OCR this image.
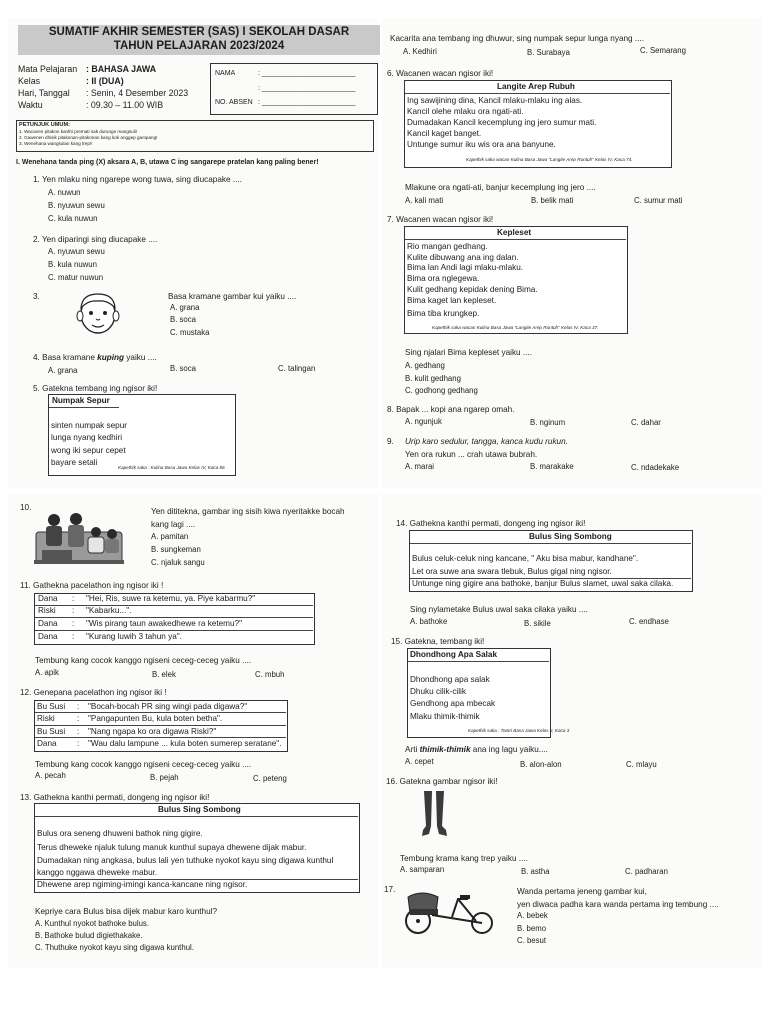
SUMATIF AKHIR SEMESTER (SAS) I SEKOLAH DASAR
TAHUN PELAJARAN 2023/2024
Mata Pelajaran : BAHASA JAWA
Kelas	: II (DUA)
Hari, Tanggal : Senin, 4 Desember 2023
Waktu	: 09.30 – 11.00 WIB
NAMA	: ________________________
: ________________________
NO. ABSEN : ________________________
PETUNJUK UMUM:
1. Wacanen pitakon kanthi premati sak durunge mangsuli!
2. Gawenen dhisik pitakonan-pitakonan kang kok anggep gampang!
3. Wenehana wangsulan kang trep!!
I. Wenehana tanda ping (X) aksara A, B, utawa C ing sangarepe pratelan kang paling bener!
1. Yen mlaku ning ngarepe wong tuwa, sing diucapake ....
A. nuwun
B. nyuwun sewu
C. kula nuwun
2. Yen diparingi sing diucapake ....
A. nyuwun sewu
B. kula nuwun
C. matur nuwun
3.	Basa kramane gambar kui yaiku ....
A. grana
B. soca
C. mustaka
4. Basa kramane kuping yaiku ....
A. grana	B. soca	C. talingan
5. Gatekna tembang ing ngisor iki!
Numpak Sepur
sinten numpak sepur
lunga nyang kedhiri
wong iki sepur cepet
bayare setali
Kapethik saka : Kulina Basa Jawa Kelas IV, Kaca 86
Kacarita ana tembang ing dhuwur, sing numpak sepur lunga nyang ....
A. Kedhiri	B. Surabaya	C. Semarang
6. Wacanen wacan ngisor iki!
Langite Arep Rubuh
Ing sawijining dina, Kancil mlaku-mlaku ing alas.
Kancil olehe mlaku ora ngati-ati.
Dumadakan Kancil kecemplung ing jero sumur mati.
Kancil kaget banget.
Untunge sumur iku wis ora ana banyune.
Kapethik saka wacan Kulina Basa Jawa "Langite Arep Runtuh" Kelas IV, Kaca 74.
Mlakune ora ngati-ati, banjur kecemplung ing jero ....
A. kali mati	B. belik mati	C. sumur mati
7. Wacanen wacan ngisor iki!
Kepleset
Rio mangan gedhang.
Kulite dibuwang ana ing dalan.
Bima lan Andi lagi mlaku-mlaku.
Bima ora nglegewa.
Kulit gedhang kepidak dening Bima.
Bima kaget lan kepleset.
Bima tiba krungkep.
Kapethik saka wacan Kulina Basa Jawa "Langite Arep Runtuh" Kelas IV, Kaca 37.
Sing njalari Bima kepleset yaiku ....
A. gedhang
B. kulit gedhang
C. godhong gedhang
8. Bapak ... kopi ana ngarep omah.
A. ngunjuk	B. nginum	C. dahar
9. Urip karo sedulur, tangga, kanca kudu rukun.
Yen ora rukun ... crah utawa bubrah.
A. marai	B. marakake	C. ndadekake
10.	Yen dititekna, gambar ing sisih kiwa nyeritakke bocah
kang lagi ....
A. pamitan
B. sungkeman
C. njaluk sangu
11. Gathekna pacelathon ing ngisor iki !
Dana : "Hei, Ris, suwe ra ketemu, ya. Piye kabarmu?"
Riski : "Kabarku...".
Dana : "Wis pirang taun awakedhewe ra ketemu?"
Dana : "Kurang luwih 3 tahun ya".
Tembung kang cocok kanggo ngiseni ceceg-ceceg yaiku ....
A. apik	B. elek	C. mbuh
12. Genepana pacelathon ing ngisor iki !
Bu Susi : "Bocah-bocah PR sing wingi pada digawa?"
Riski	: "Pangapunten Bu, kula boten betha".
Bu Susi : "Nang ngapa ko ora digawa Riski?"
Dana : "Wau dalu lampune ... kula boten sumerep seratane".
Tembung kang cocok kanggo ngiseni ceceg-ceceg yaiku ....
A. pecah	B. pejah	C. peteng
13. Gathekna kanthi permati, dongeng ing ngisor iki!
Bulus Sing Sombong
Bulus ora seneng dhuweni bathok ning gigire.
Terus dheweke njaluk tulung manuk kunthul supaya dhewene dijak mabur.
Dumadakan ning angkasa, bulus lali yen tuthuke nyokot kayu sing digawa kunthul
kanggo nggawa dheweke mabur.
Dhewene arep ngiming-imingi kanca-kancane ning ngisor.
Kepriye cara Bulus bisa dijek mabur karo kunthul?
A. Kunthul nyokot bathoke bulus.
B. Bathoke bulud digiethakake.
C. Thuthuke nyokot kayu sing digawa kunthul.
14. Gathekna kanthi permati, dongeng ing ngisor iki!
Bulus Sing Sombong
Bulus celuk-celuk ning kancane, " Aku bisa mabur, kandhane".
Let ora suwe ana swara tlebuk, Bulus gigal ning ngisor.
Untunge ning gigire ana bathoke, banjur Bulus slamet, uwal saka cilaka.
Sing nylametake Bulus uwal saka cilaka yaiku ....
A. bathoke	B. sikile	C. endhase
15. Gatekna, tembang iki!
Dhondhong Apa Salak
Dhondhong apa salak
Dhuku cilik-cilik
Gendhong apa mbecak
Mlaku thimik-thimik
Kapethik saka : Tantri Basa Jawa Kelas II, Kaca 3
Arti thimik-thimik ana ing lagu yaiku....
A. cepet	B. alon-alon	C. mlayu
16. Gatekna gambar ngisor iki!
Tembung krama kang trep yaiku ....
A. samparan	B. astha	C. padharan
17.	Wanda pertama jeneng gambar kui,
yen diwaca padha kara wanda pertama ing tembung ....
A. bebek
B. bemo
C. besut
